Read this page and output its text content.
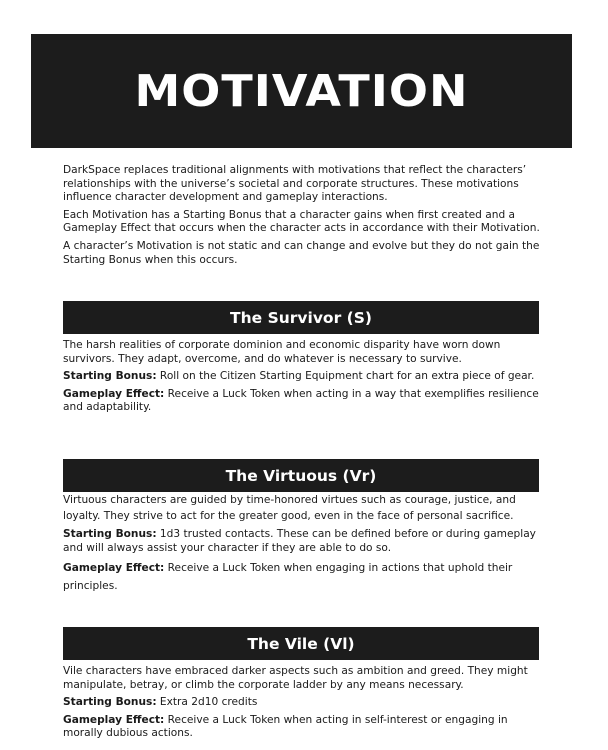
MOTIVATION

DarkSpace replaces traditional alignments with motivations that reflect the characters’ relationships with the universe’s societal and corporate structures. These motivations influence character development and gameplay interactions.

Each Motivation has a Starting Bonus that a character gains when first created and a Gameplay Effect that occurs when the character acts in accordance with their Motivation.

A character’s Motivation is not static and can change and evolve but they do not gain the Starting Bonus when this occurs.

The Survivor (S)

The harsh realities of corporate dominion and economic disparity have worn down survivors. They adapt, overcome, and do whatever is necessary to survive.

Starting Bonus: Roll on the Citizen Starting Equipment chart for an extra piece of gear.

Gameplay Effect: Receive a Luck Token when acting in a way that exemplifies resilience and adaptability.

The Virtuous (Vr)

Virtuous characters are guided by time-honored virtues such as courage, justice, and loyalty. They strive to act for the greater good, even in the face of personal sacrifice.

Starting Bonus: 1d3 trusted contacts. These can be defined before or during gameplay and will always assist your character if they are able to do so.

Gameplay Effect: Receive a Luck Token when engaging in actions that uphold their principles.

The Vile (Vl)

Vile characters have embraced darker aspects such as ambition and greed. They might manipulate, betray, or climb the corporate ladder by any means necessary.

Starting Bonus: Extra 2d10 credits

Gameplay Effect: Receive a Luck Token when acting in self-interest or engaging in morally dubious actions.
